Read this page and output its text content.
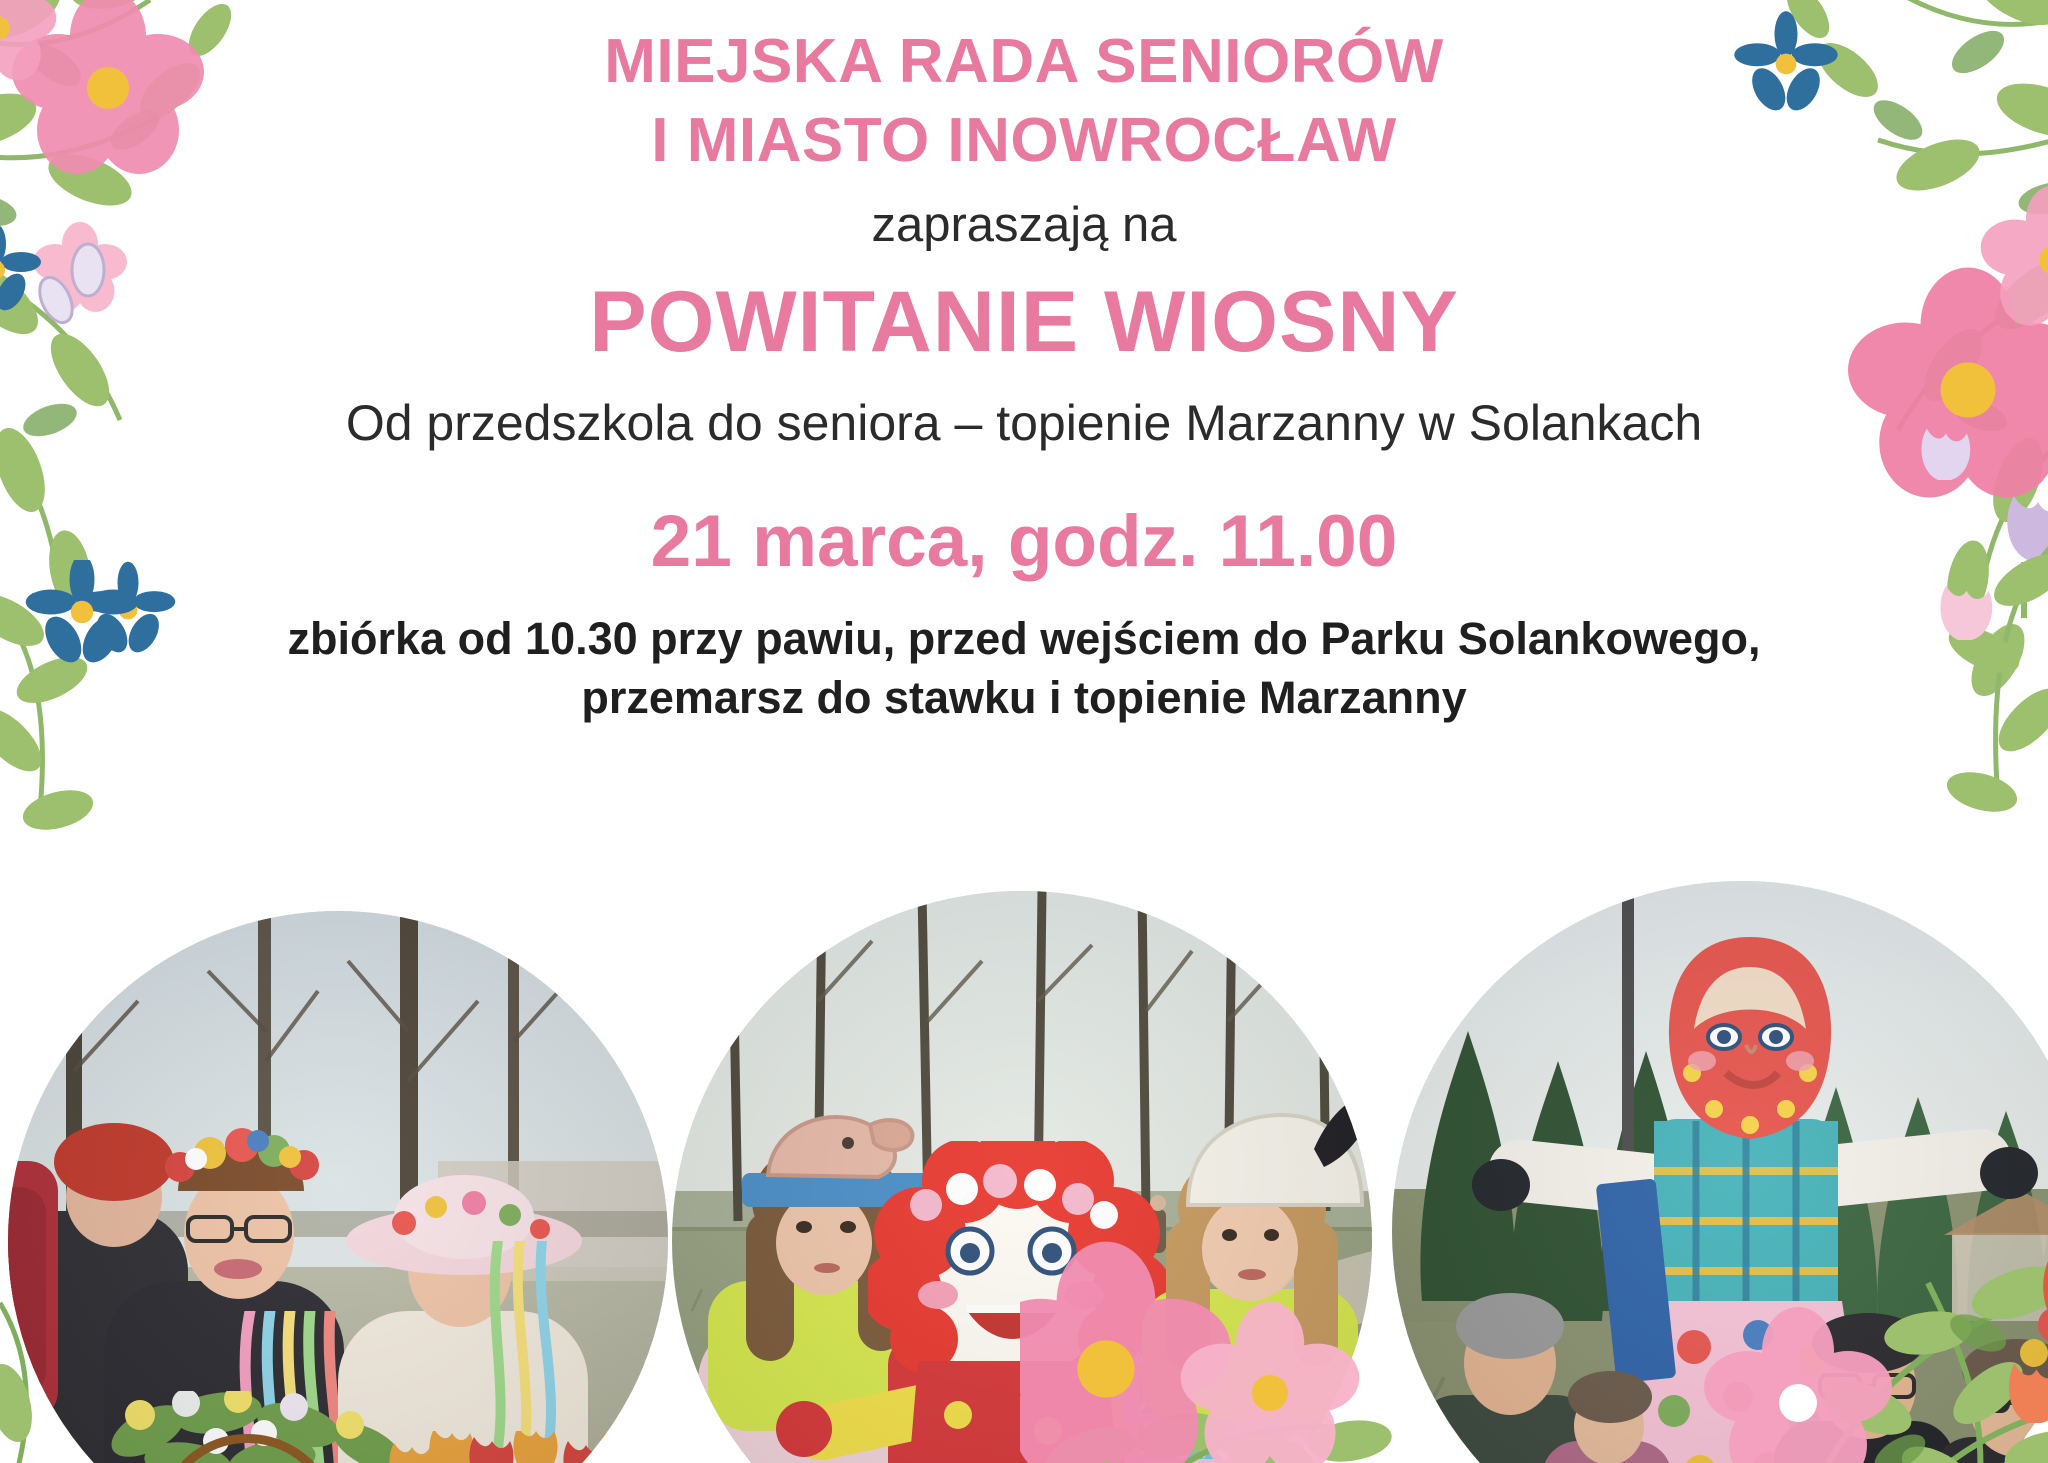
MIEJSKA RADA SENIORÓW
I MIASTO INOWROCŁAW
zapraszają na
POWITANIE WIOSNY
Od przedszkola do seniora – topienie Marzanny w Solankach
21 marca, godz. 11.00
zbiórka od 10.30 przy pawiu, przed wejściem do Parku Solankowego,
przemarsz do stawku i topienie Marzanny
